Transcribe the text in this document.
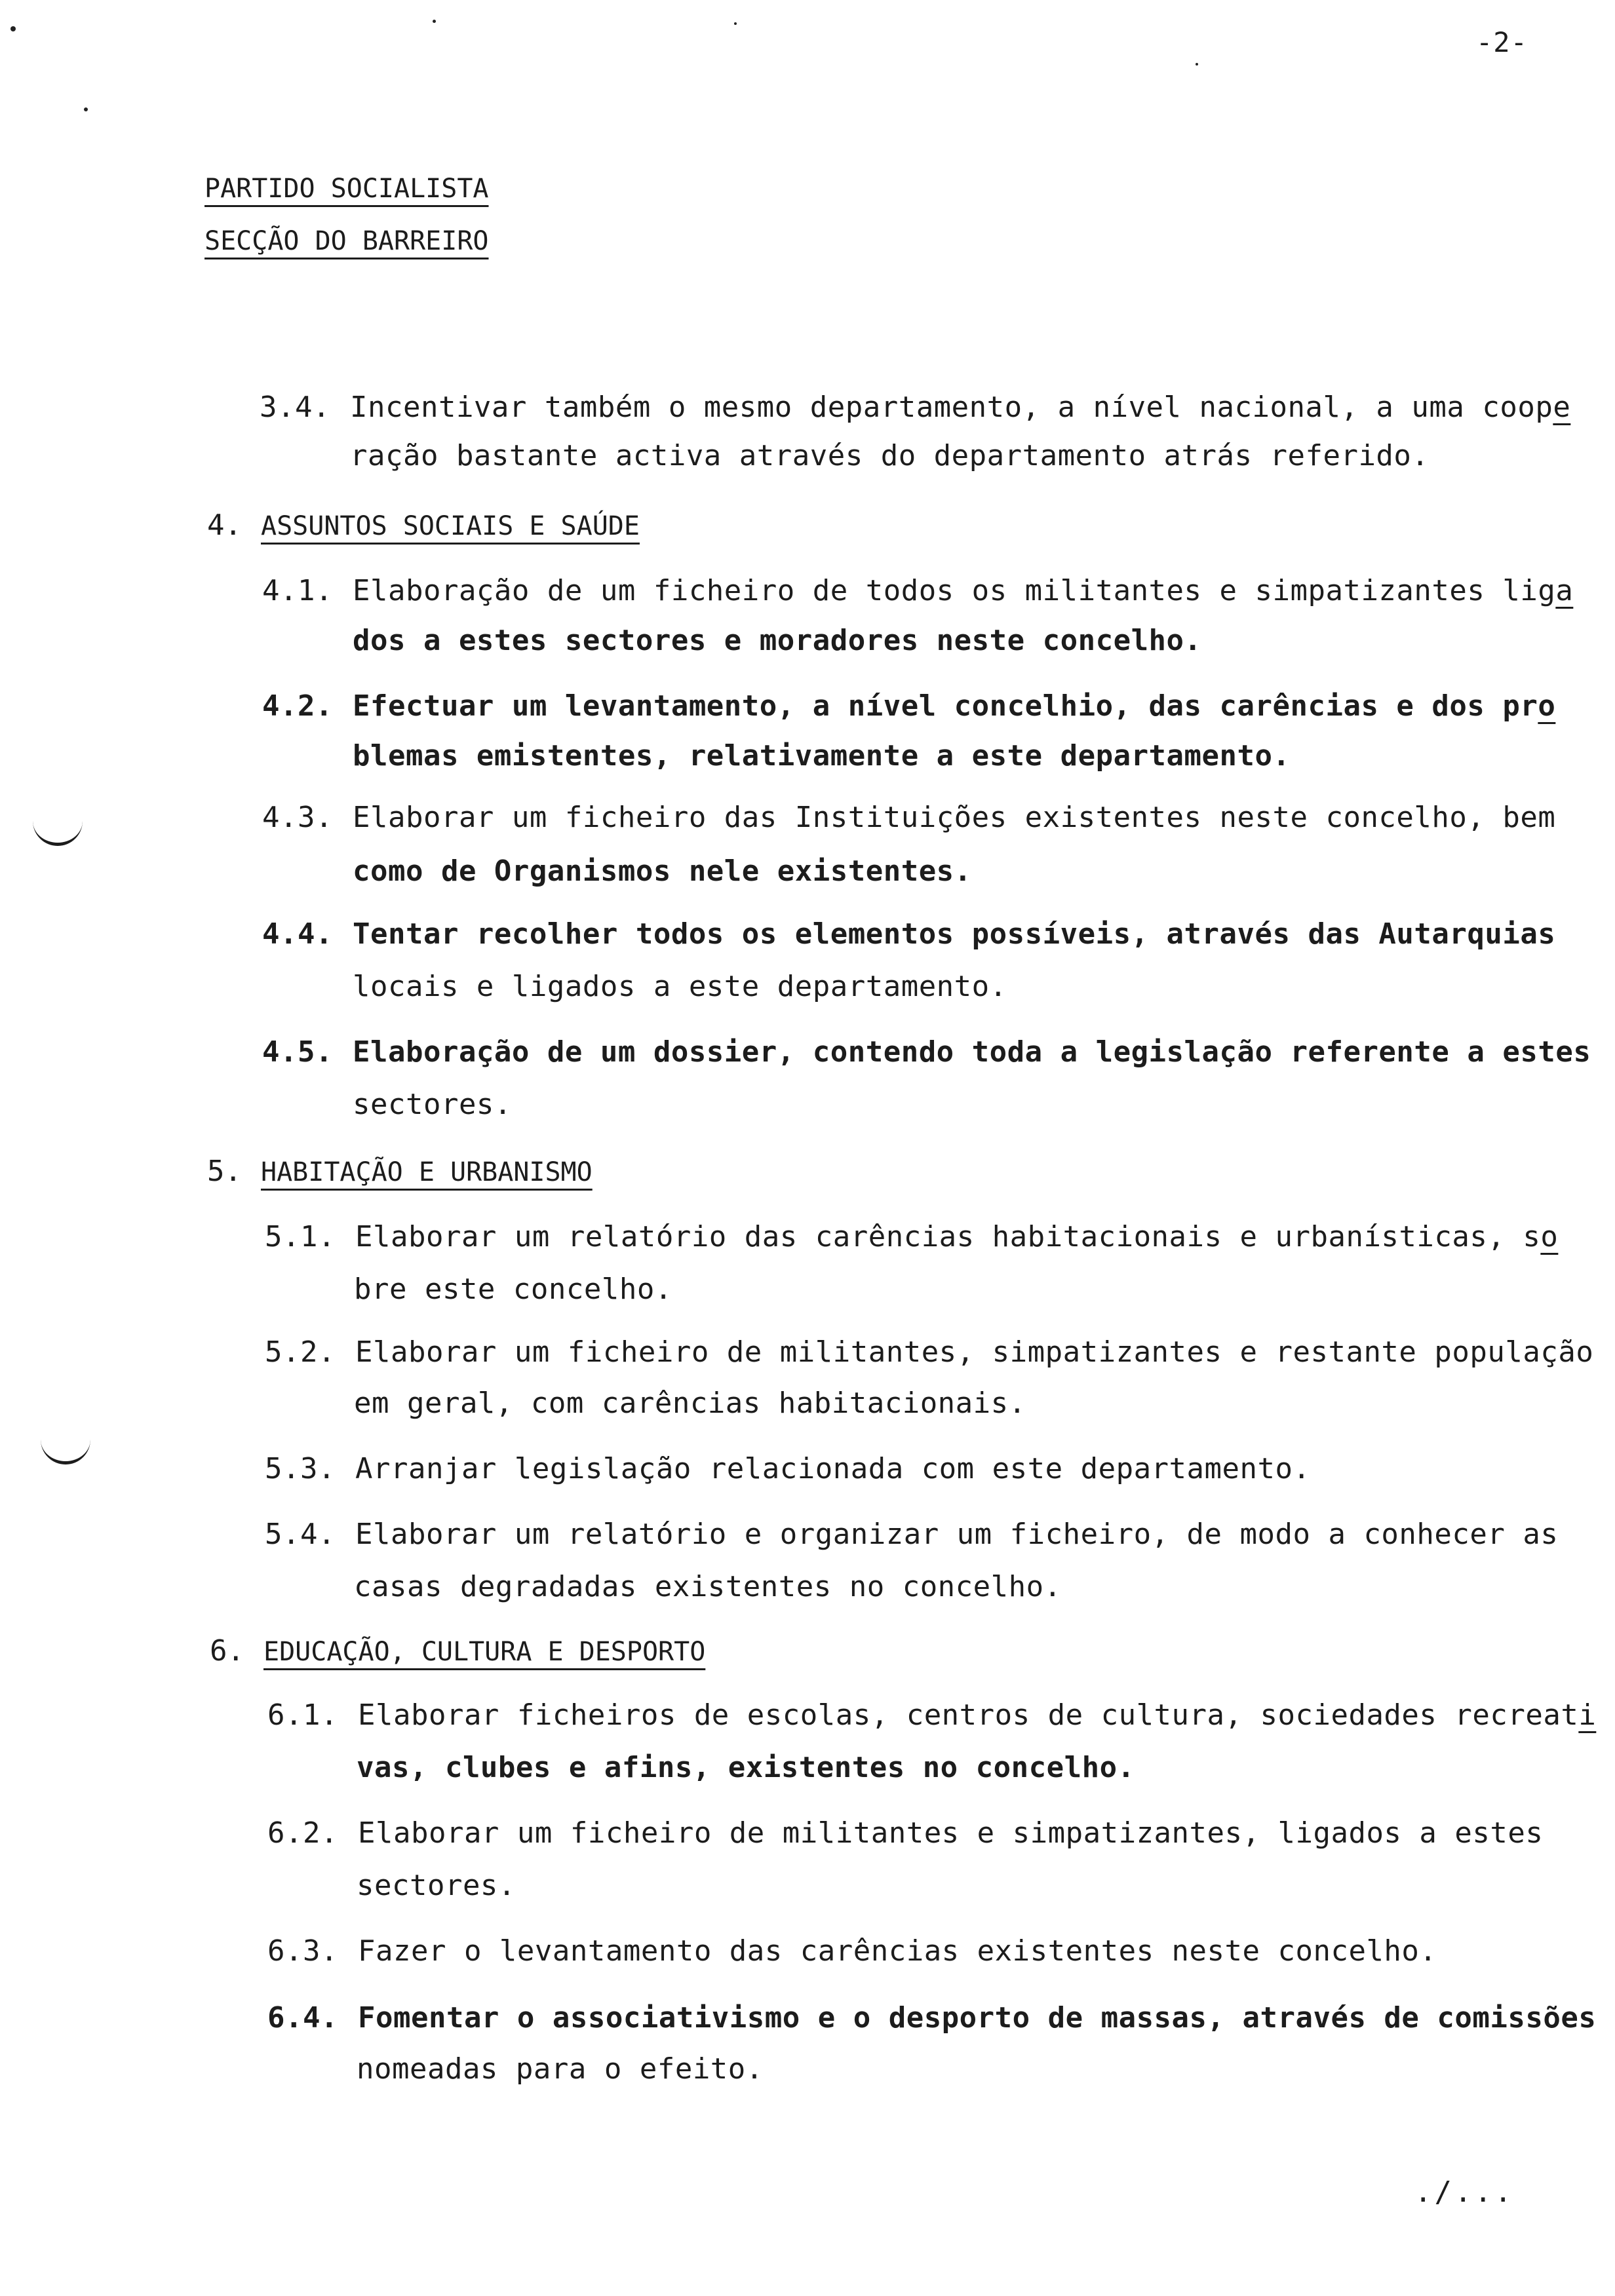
-2-
PARTIDO SOCIALISTA
SECÇÃO DO BARREIRO
3.4. Incentivar também o mesmo departamento, a nível nacional, a uma coope
ração bastante activa através do departamento atrás referido.
4. ASSUNTOS SOCIAIS E SAÚDE
4.1. Elaboração de um ficheiro de todos os militantes e simpatizantes liga
dos a estes sectores e moradores neste concelho.
4.2. Efectuar um levantamento, a nível concelhio, das carências e dos pro
blemas emistentes, relativamente a este departamento.
4.3. Elaborar um ficheiro das Instituições existentes neste concelho, bem
como de Organismos nele existentes.
4.4. Tentar recolher todos os elementos possíveis, através das Autarquias
locais e ligados a este departamento.
4.5. Elaboração de um dossier, contendo toda a legislação referente a estes
sectores.
5. HABITAÇÃO E URBANISMO
5.1. Elaborar um relatório das carências habitacionais e urbanísticas, so
bre este concelho.
5.2. Elaborar um ficheiro de militantes, simpatizantes e restante população
em geral, com carências habitacionais.
5.3. Arranjar legislação relacionada com este departamento.
5.4. Elaborar um relatório e organizar um ficheiro, de modo a conhecer as
casas degradadas existentes no concelho.
6. EDUCAÇÃO, CULTURA E DESPORTO
6.1. Elaborar ficheiros de escolas, centros de cultura, sociedades recreati
vas, clubes e afins, existentes no concelho.
6.2. Elaborar um ficheiro de militantes e simpatizantes, ligados a estes
sectores.
6.3. Fazer o levantamento das carências existentes neste concelho.
6.4. Fomentar o associativismo e o desporto de massas, através de comissões
nomeadas para o efeito.
./...
